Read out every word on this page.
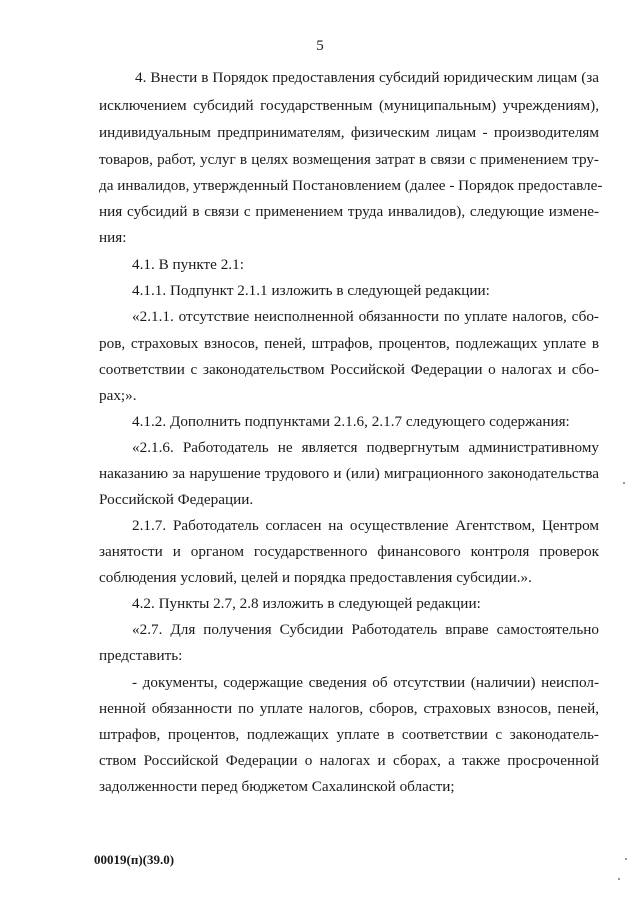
5
4. Внести в Порядок предоставления субсидий юридическим лицам (за
исключением субсидий государственным (муниципальным) учреждениям),
индивидуальным предпринимателям, физическим лицам - производителям
товаров, работ, услуг в целях возмещения затрат в связи с применением тру-
да инвалидов, утвержденный Постановлением (далее - Порядок предоставле-
ния субсидий в связи с применением труда инвалидов), следующие измене-
ния:
4.1. В пункте 2.1:
4.1.1. Подпункт 2.1.1 изложить в следующей редакции:
«2.1.1. отсутствие неисполненной обязанности по уплате налогов, сбо-
ров, страховых взносов, пеней, штрафов, процентов, подлежащих уплате в
соответствии с законодательством Российской Федерации о налогах и сбо-
рах;».
4.1.2. Дополнить подпунктами 2.1.6, 2.1.7 следующего содержания:
«2.1.6. Работодатель не является подвергнутым административному
наказанию за нарушение трудового и (или) миграционного законодательства
Российской Федерации.
2.1.7. Работодатель согласен на осуществление Агентством, Центром
занятости и органом государственного финансового контроля проверок
соблюдения условий, целей и порядка предоставления субсидии.».
4.2. Пункты 2.7, 2.8 изложить в следующей редакции:
«2.7. Для получения Субсидии Работодатель вправе самостоятельно
представить:
- документы, содержащие сведения об отсутствии (наличии) неиспол-
ненной обязанности по уплате налогов, сборов, страховых взносов, пеней,
штрафов, процентов, подлежащих уплате в соответствии с законодатель-
ством Российской Федерации о налогах и сборах, а также просроченной
задолженности перед бюджетом Сахалинской области;
00019(п)(39.0)
